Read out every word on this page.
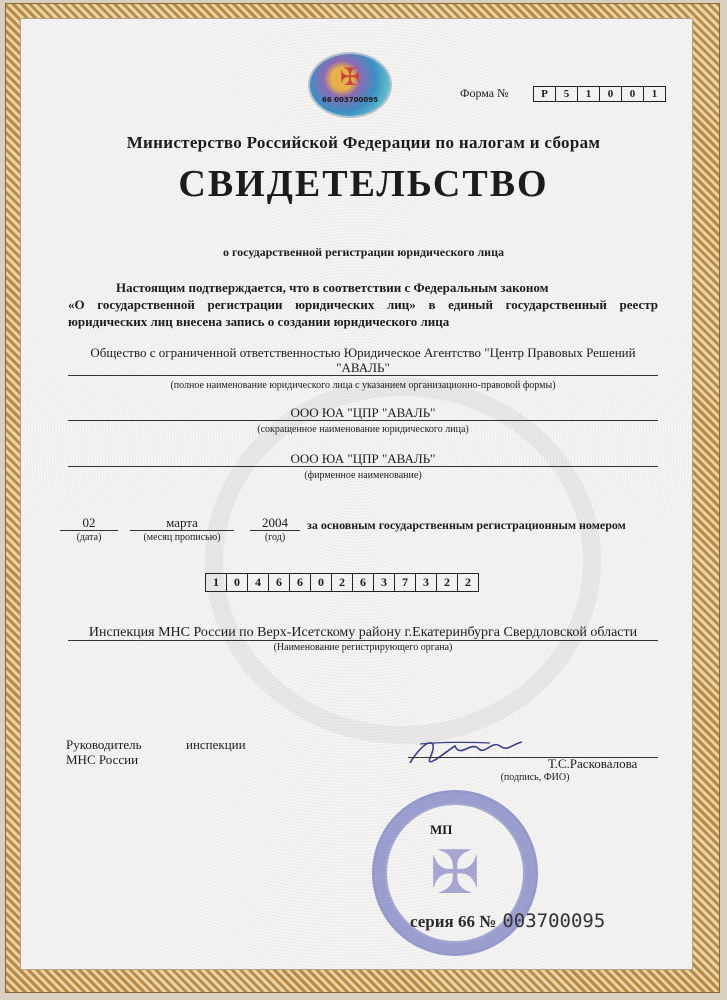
✠
66 003700095	Форма №	Р	5	1	0	0	1
Министерство Российской Федерации по налогам и сборам
СВИДЕТЕЛЬСТВО
о государственной регистрации юридического лица
Настоящим подтверждается, что в соответствии с Федеральным законом
«О государственной регистрации юридических лиц» в единый государственный реестр юридических лиц внесена запись о создании юридического лица
Общество с ограниченной ответственностью Юридическое Агентство "Центр Правовых Решений "АВАЛЬ"
(полное наименование юридического лица с указанием организационно-правовой формы)
ООО ЮА "ЦПР "АВАЛЬ"
(сокращенное наименование юридического лица)
ООО ЮА "ЦПР "АВАЛЬ"
(фирменное наименование)
02	марта	2004
(дата)	(месяц прописью)	(год)
за основным государственным регистрационным номером
1	0	4	6	6	0	2	6	3	7	3	2	2
Инспекция МНС России по Верх-Исетскому району г.Екатеринбурга Свердловской области
(Наименование регистрирующего органа)
Руководитель	инспекции
МНС России	Т.С.Расковалова
(подпись, ФИО)
✠
МП
серия 66 № 003700095
